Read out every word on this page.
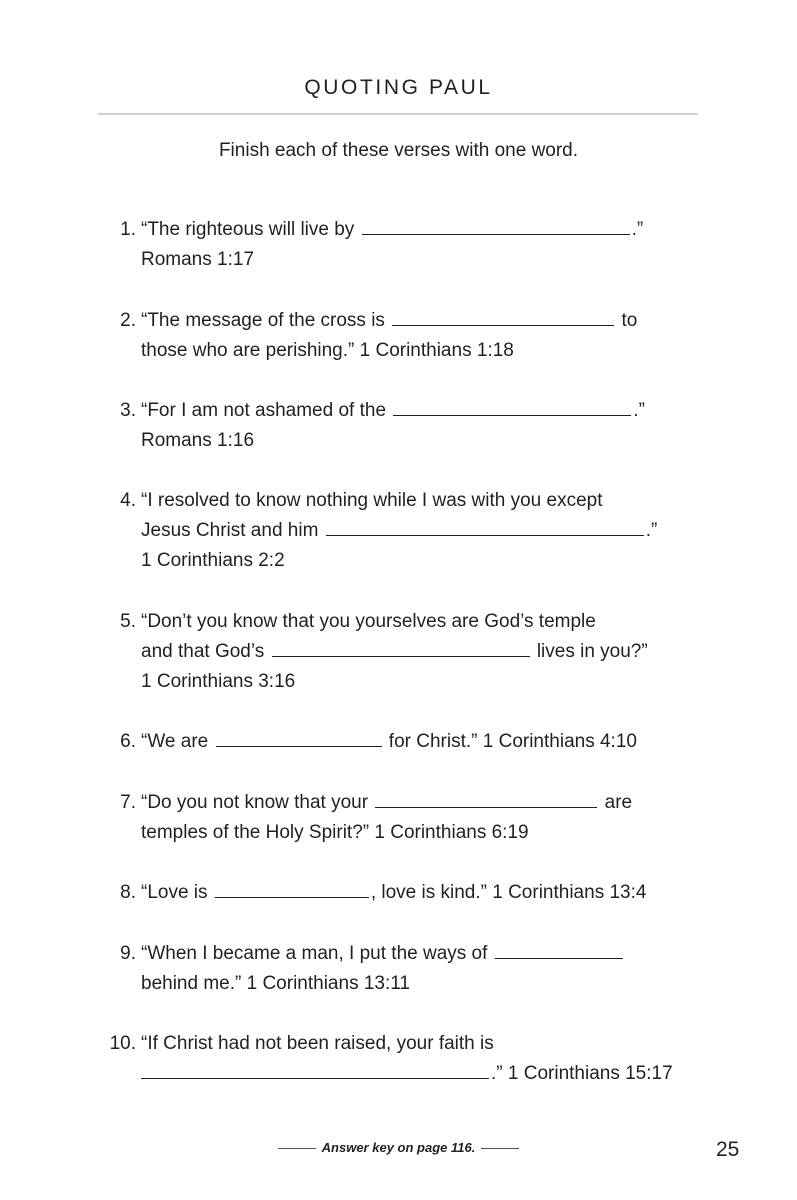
QUOTING PAUL
Finish each of these verses with one word.
1. “The righteous will live by	.”
Romans 1:17
2. “The message of the cross is	to
those who are perishing.” 1 Corinthians 1:18
3. “For I am not ashamed of the	.”
Romans 1:16
4. “I resolved to know nothing while I was with you except
Jesus Christ and him	.”
1 Corinthians 2:2
5. “Don’t you know that you yourselves are God’s temple
and that God’s	lives in you?”
1 Corinthians 3:16
6. “We are	for Christ.” 1 Corinthians 4:10
7. “Do you not know that your	are
temples of the Holy Spirit?” 1 Corinthians 6:19
8. “Love is	, love is kind.” 1 Corinthians 13:4
9. “When I became a man, I put the ways of
behind me.” 1 Corinthians 13:11
10. “If Christ had not been raised, your faith is
.” 1 Corinthians 15:17
Answer key on page 116.	25
